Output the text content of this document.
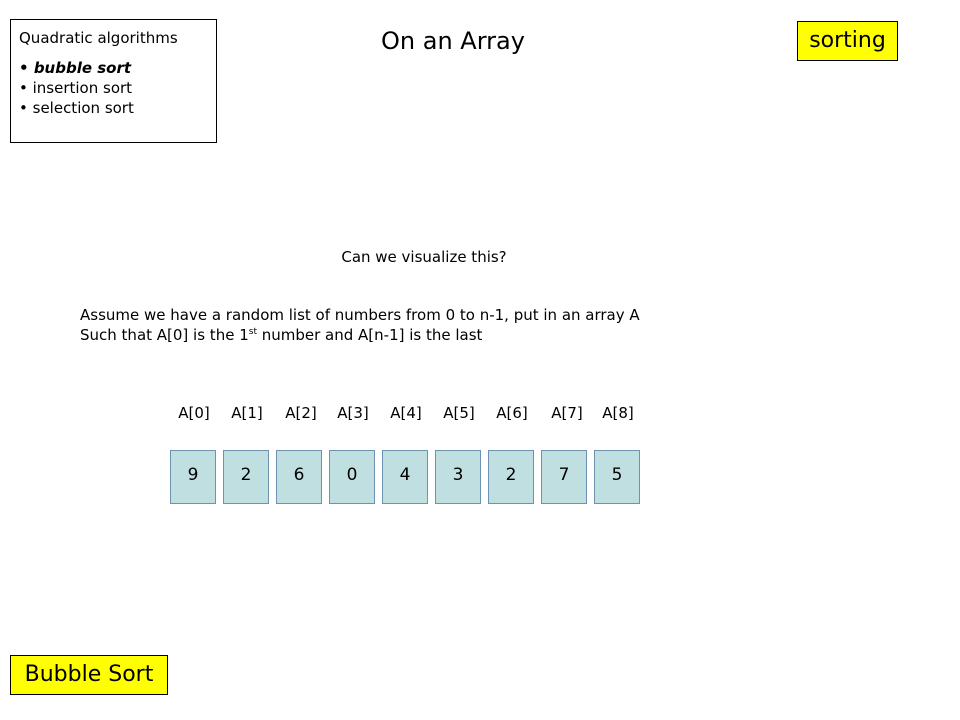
Quadratic algorithms
• bubble sort
• insertion sort
• selection sort
On an Array	sorting
Can we visualize this?
Assume we have a random list of numbers from 0 to n-1, put in an array A
Such that A[0] is the 1st number and A[n-1] is the last
A[0]	A[1]	A[2]	A[3]	A[4]	A[5]	A[6]	A[7]	A[8]
9	2	6	0	4	3	2	7	5
Bubble Sort
